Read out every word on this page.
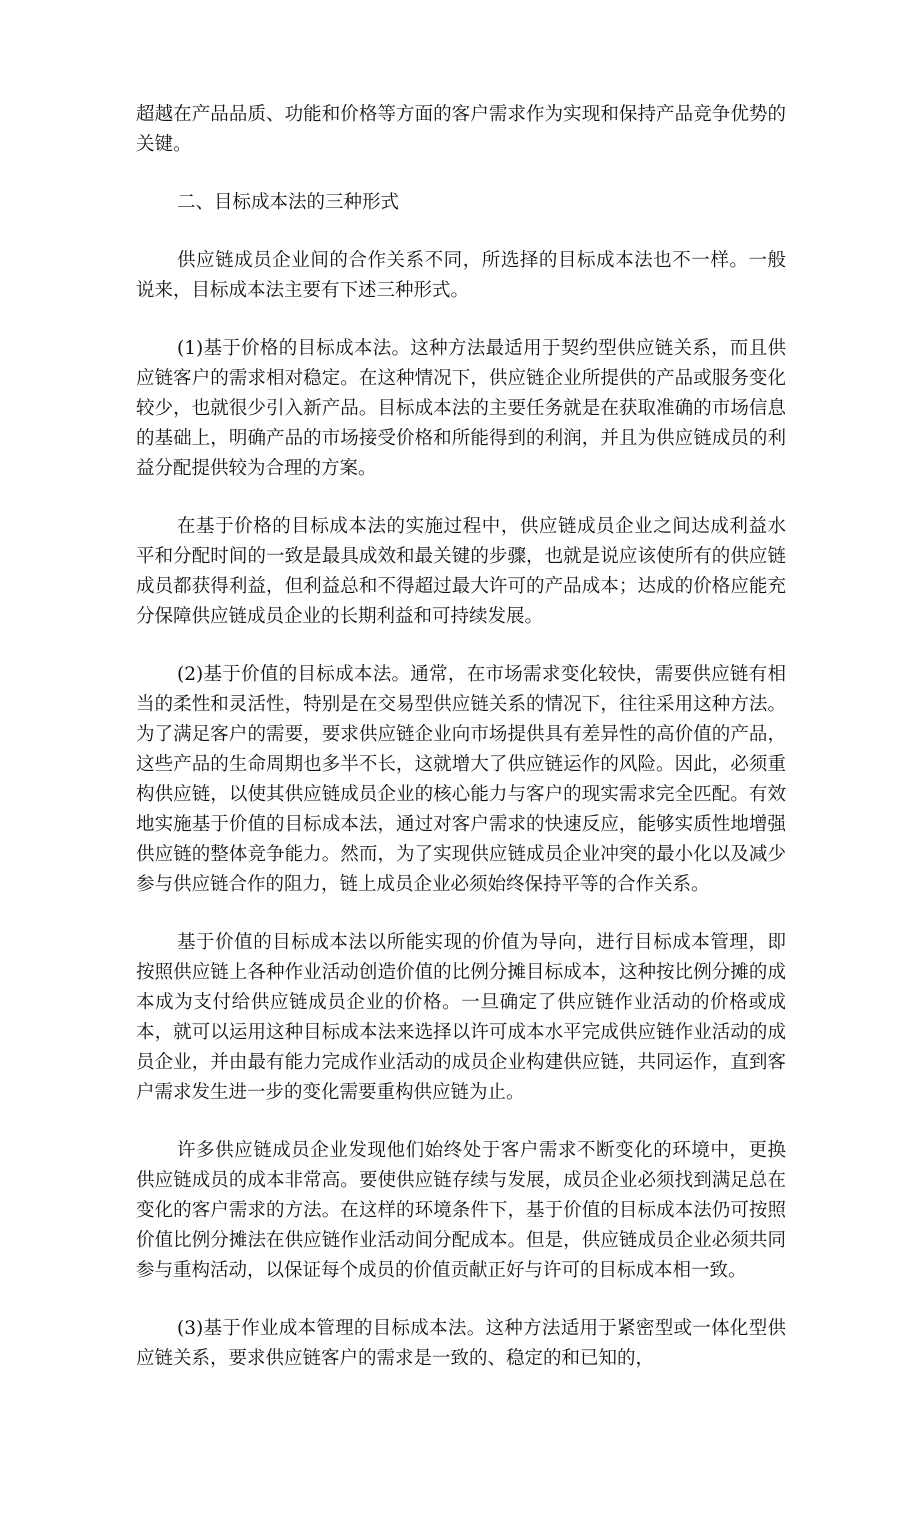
超越在产品品质、功能和价格等方面的客户需求作为实现和保持产品竞争优势的关键。

二、目标成本法的三种形式

供应链成员企业间的合作关系不同，所选择的目标成本法也不一样。一般说来，目标成本法主要有下述三种形式。

(1)基于价格的目标成本法。这种方法最适用于契约型供应链关系，而且供应链客户的需求相对稳定。在这种情况下，供应链企业所提供的产品或服务变化较少，也就很少引入新产品。目标成本法的主要任务就是在获取准确的市场信息的基础上，明确产品的市场接受价格和所能得到的利润，并且为供应链成员的利益分配提供较为合理的方案。

在基于价格的目标成本法的实施过程中，供应链成员企业之间达成利益水平和分配时间的一致是最具成效和最关键的步骤，也就是说应该使所有的供应链成员都获得利益，但利益总和不得超过最大许可的产品成本；达成的价格应能充分保障供应链成员企业的长期利益和可持续发展。

(2)基于价值的目标成本法。通常，在市场需求变化较快，需要供应链有相当的柔性和灵活性，特别是在交易型供应链关系的情况下，往往采用这种方法。为了满足客户的需要，要求供应链企业向市场提供具有差异性的高价值的产品，这些产品的生命周期也多半不长，这就增大了供应链运作的风险。因此，必须重构供应链，以使其供应链成员企业的核心能力与客户的现实需求完全匹配。有效地实施基于价值的目标成本法，通过对客户需求的快速反应，能够实质性地增强供应链的整体竞争能力。然而，为了实现供应链成员企业冲突的最小化以及减少参与供应链合作的阻力，链上成员企业必须始终保持平等的合作关系。

基于价值的目标成本法以所能实现的价值为导向，进行目标成本管理，即按照供应链上各种作业活动创造价值的比例分摊目标成本，这种按比例分摊的成本成为支付给供应链成员企业的价格。一旦确定了供应链作业活动的价格或成本，就可以运用这种目标成本法来选择以许可成本水平完成供应链作业活动的成员企业，并由最有能力完成作业活动的成员企业构建供应链，共同运作，直到客户需求发生进一步的变化需要重构供应链为止。

许多供应链成员企业发现他们始终处于客户需求不断变化的环境中，更换供应链成员的成本非常高。要使供应链存续与发展，成员企业必须找到满足总在变化的客户需求的方法。在这样的环境条件下，基于价值的目标成本法仍可按照价值比例分摊法在供应链作业活动间分配成本。但是，供应链成员企业必须共同参与重构活动，以保证每个成员的价值贡献正好与许可的目标成本相一致。

(3)基于作业成本管理的目标成本法。这种方法适用于紧密型或一体化型供应链关系，要求供应链客户的需求是一致的、稳定的和已知的，
